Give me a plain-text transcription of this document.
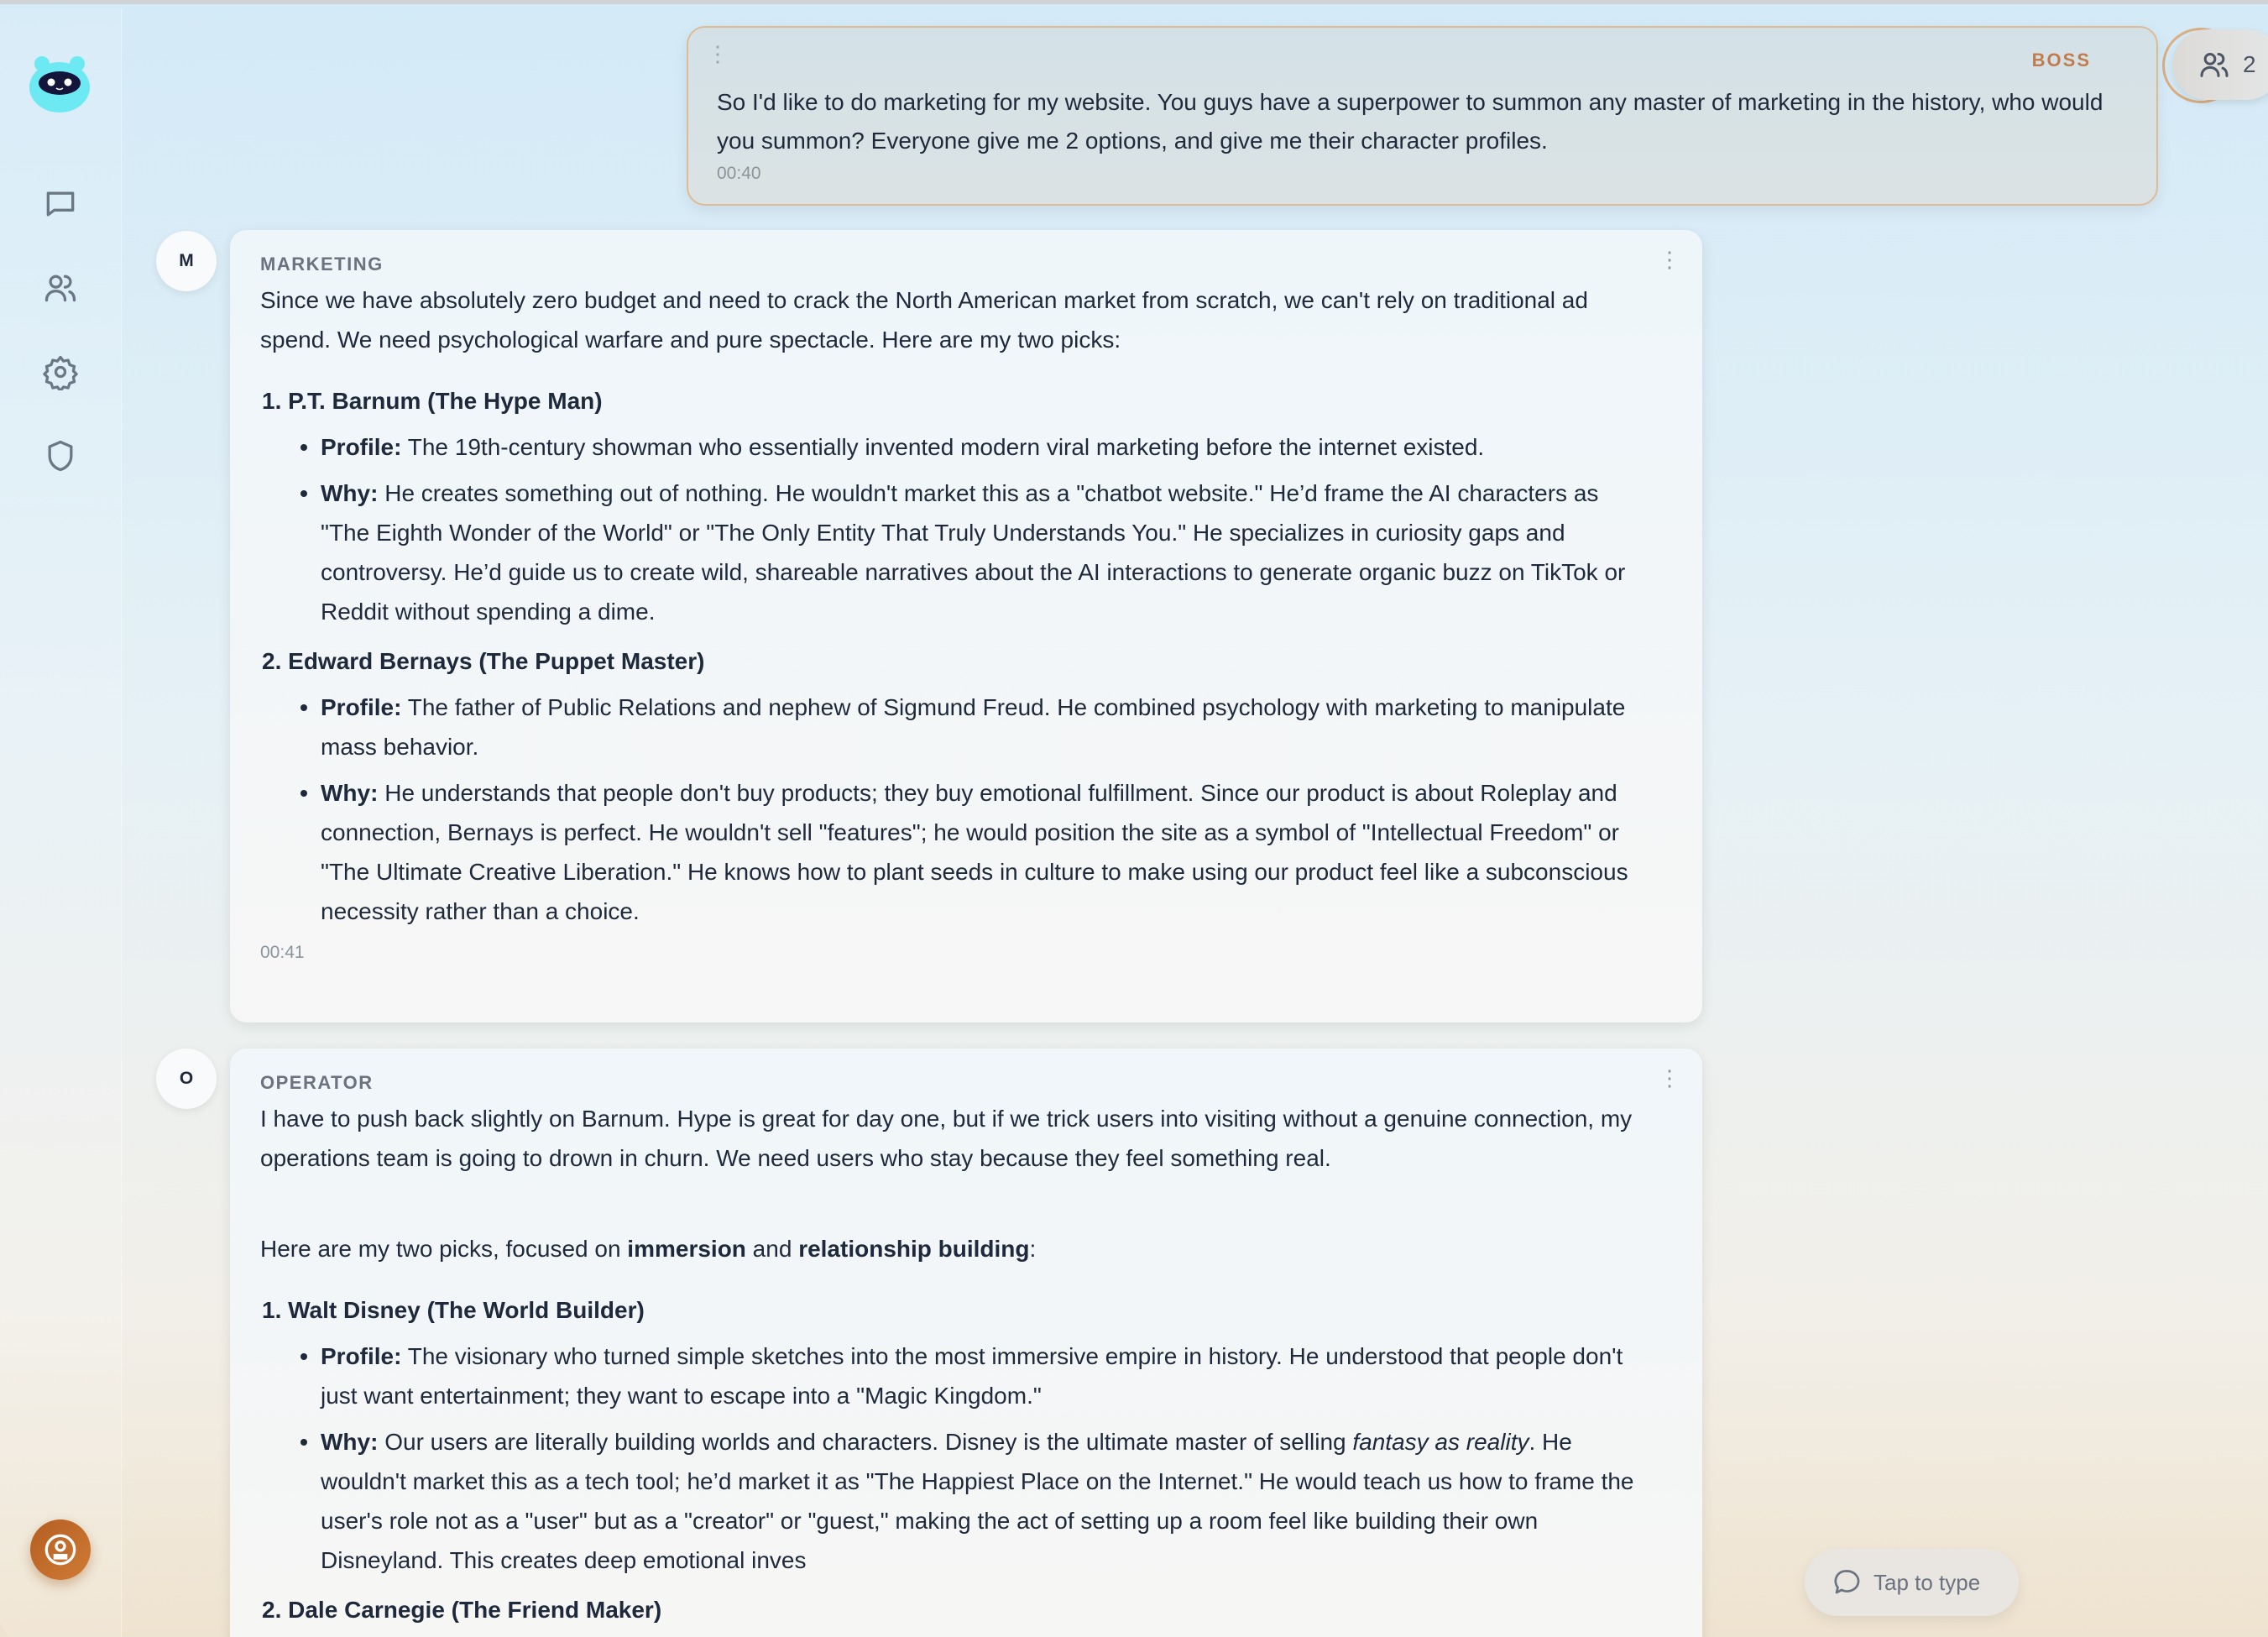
⋮	BOSS
So I'd like to do marketing for my website. You guys have a superpower to summon any master of marketing in the history, who would you summon? Everyone give me 2 options, and give me their character profiles.
00:40
2
M	⋮
MARKETING
Since we have absolutely zero budget and need to crack the North American market from scratch, we can't rely on traditional ad spend. We need psychological warfare and pure spectacle. Here are my two picks:
1. P.T. Barnum (The Hype Man)
Profile: The 19th-century showman who essentially invented modern viral marketing before the internet existed.
Why: He creates something out of nothing. He wouldn't market this as a "chatbot website." He’d frame the AI characters as "The Eighth Wonder of the World" or "The Only Entity That Truly Understands You." He specializes in curiosity gaps and controversy. He’d guide us to create wild, shareable narratives about the AI interactions to generate organic buzz on TikTok or Reddit without spending a dime.
2. Edward Bernays (The Puppet Master)
Profile: The father of Public Relations and nephew of Sigmund Freud. He combined psychology with marketing to manipulate mass behavior.
Why: He understands that people don't buy products; they buy emotional fulfillment. Since our product is about Roleplay and connection, Bernays is perfect. He wouldn't sell "features"; he would position the site as a symbol of "Intellectual Freedom" or "The Ultimate Creative Liberation." He knows how to plant seeds in culture to make using our product feel like a subconscious necessity rather than a choice.
00:41
O	⋮
OPERATOR
I have to push back slightly on Barnum. Hype is great for day one, but if we trick users into visiting without a genuine connection, my operations team is going to drown in churn. We need users who stay because they feel something real.
Here are my two picks, focused on immersion and relationship building:
1. Walt Disney (The World Builder)
Profile: The visionary who turned simple sketches into the most immersive empire in history. He understood that people don't just want entertainment; they want to escape into a "Magic Kingdom."
Why: Our users are literally building worlds and characters. Disney is the ultimate master of selling fantasy as reality. He wouldn't market this as a tech tool; he’d market it as "The Happiest Place on the Internet." He would teach us how to frame the user's role not as a "user" but as a "creator" or "guest," making the act of setting up a room feel like building their own Disneyland. This creates deep emotional inves
2. Dale Carnegie (The Friend Maker)
Tap to type
